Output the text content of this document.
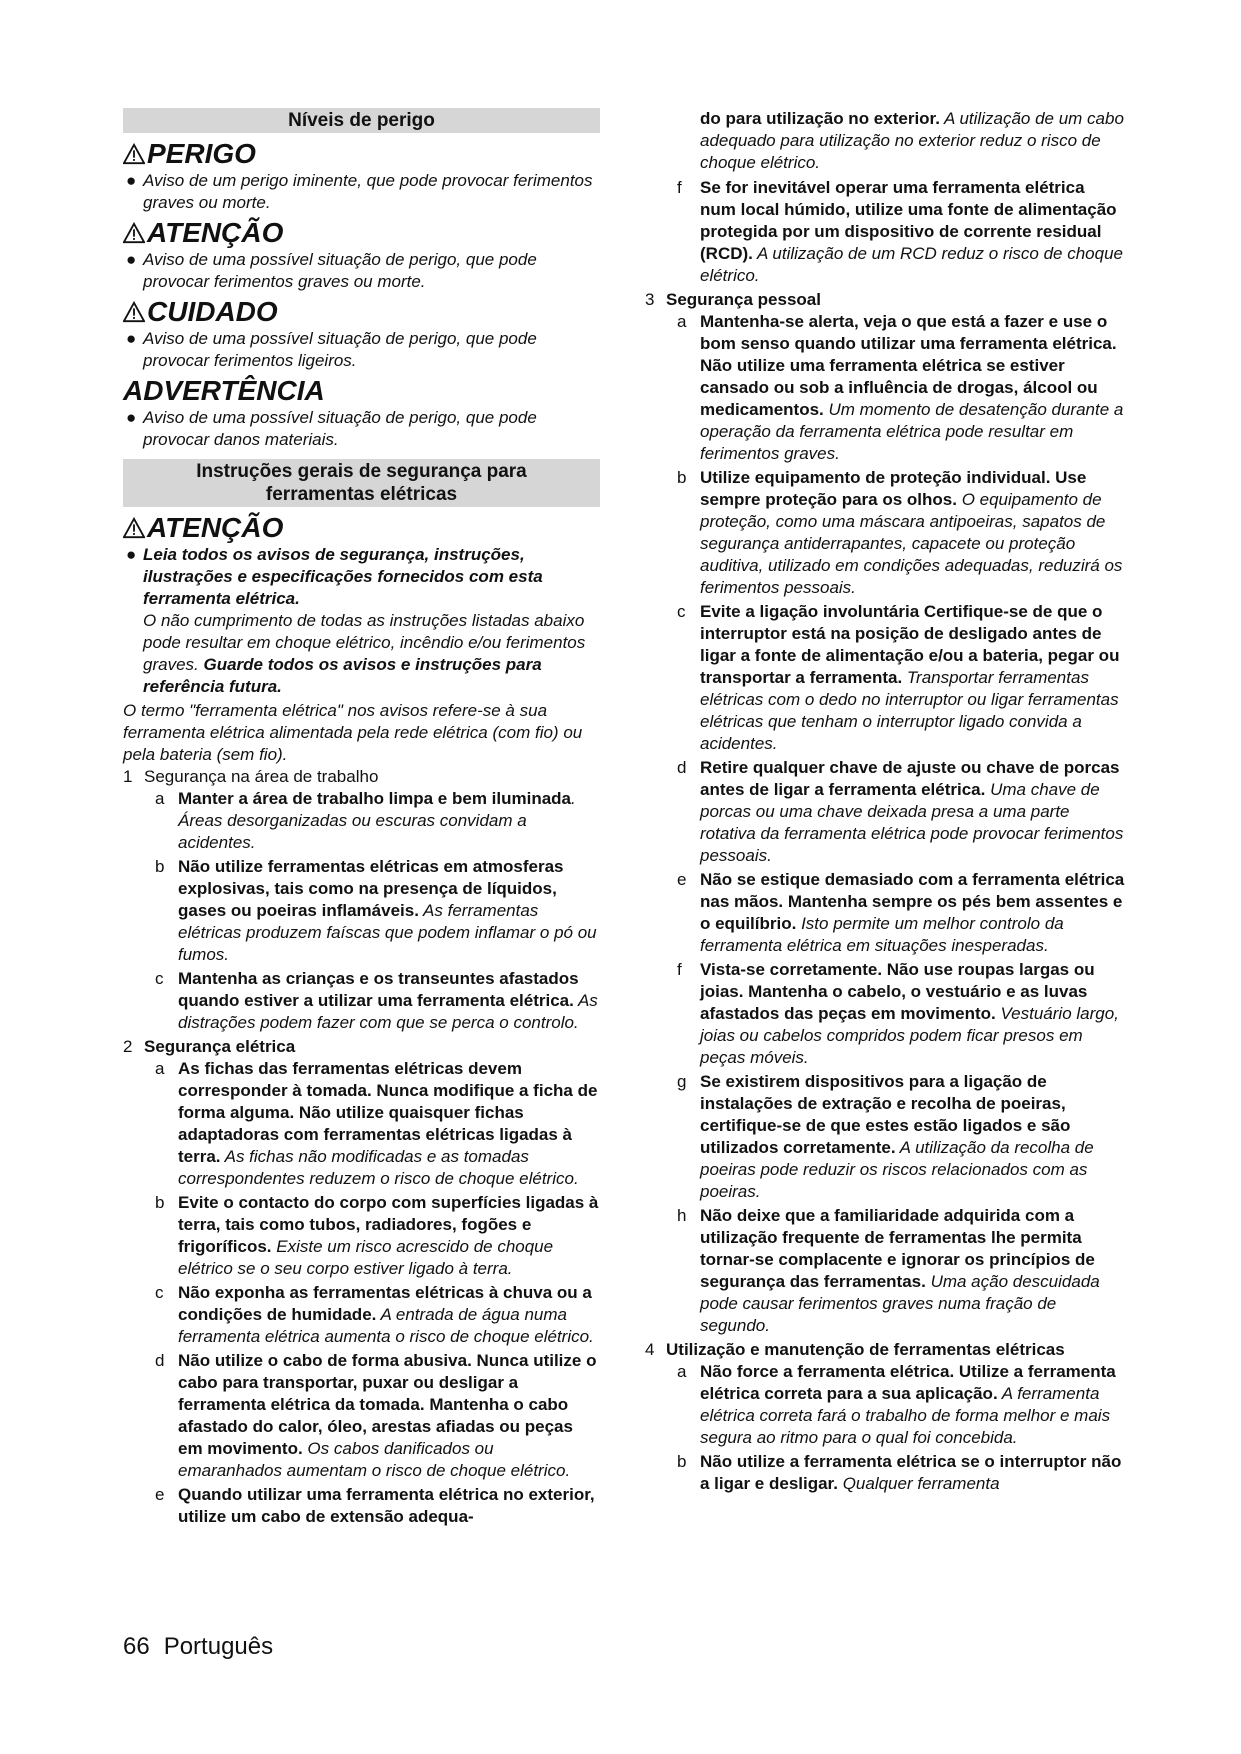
Níveis de perigo
PERIGO
● Aviso de um perigo iminente, que pode provocar ferimentos graves ou morte.
ATENÇÃO
● Aviso de uma possível situação de perigo, que pode provocar ferimentos graves ou morte.
CUIDADO
● Aviso de uma possível situação de perigo, que pode provocar ferimentos ligeiros.
ADVERTÊNCIA
● Aviso de uma possível situação de perigo, que pode provocar danos materiais.
Instruções gerais de segurança para ferramentas elétricas
ATENÇÃO
● Leia todos os avisos de segurança, instruções, ilustrações e especificações fornecidos com esta ferramenta elétrica.
O não cumprimento de todas as instruções listadas abaixo pode resultar em choque elétrico, incêndio e/ou ferimentos graves. Guarde todos os avisos e instruções para referência futura.
O termo "ferramenta elétrica" nos avisos refere-se à sua ferramenta elétrica alimentada pela rede elétrica (com fio) ou pela bateria (sem fio).
1 Segurança na área de trabalho
a Manter a área de trabalho limpa e bem iluminada. Áreas desorganizadas ou escuras convidam a acidentes.
b Não utilize ferramentas elétricas em atmosferas explosivas, tais como na presença de líquidos, gases ou poeiras inflamáveis. As ferramentas elétricas produzem faíscas que podem inflamar o pó ou fumos.
c Mantenha as crianças e os transeuntes afastados quando estiver a utilizar uma ferramenta elétrica. As distrações podem fazer com que se perca o controlo.
2 Segurança elétrica
a As fichas das ferramentas elétricas devem corresponder à tomada. Nunca modifique a ficha de forma alguma. Não utilize quaisquer fichas adaptadoras com ferramentas elétricas ligadas à terra. As fichas não modificadas e as tomadas correspondentes reduzem o risco de choque elétrico.
b Evite o contacto do corpo com superfícies ligadas à terra, tais como tubos, radiadores, fogões e frigoríficos. Existe um risco acrescido de choque elétrico se o seu corpo estiver ligado à terra.
c Não exponha as ferramentas elétricas à chuva ou a condições de humidade. A entrada de água numa ferramenta elétrica aumenta o risco de choque elétrico.
d Não utilize o cabo de forma abusiva. Nunca utilize o cabo para transportar, puxar ou desligar a ferramenta elétrica da tomada. Mantenha o cabo afastado do calor, óleo, arestas afiadas ou peças em movimento. Os cabos danificados ou emaranhados aumentam o risco de choque elétrico.
e Quando utilizar uma ferramenta elétrica no exterior, utilize um cabo de extensão adequa-
do para utilização no exterior. A utilização de um cabo adequado para utilização no exterior reduz o risco de choque elétrico.
f Se for inevitável operar uma ferramenta elétrica num local húmido, utilize uma fonte de alimentação protegida por um dispositivo de corrente residual (RCD). A utilização de um RCD reduz o risco de choque elétrico.
3 Segurança pessoal
a Mantenha-se alerta, veja o que está a fazer e use o bom senso quando utilizar uma ferramenta elétrica. Não utilize uma ferramenta elétrica se estiver cansado ou sob a influência de drogas, álcool ou medicamentos. Um momento de desatenção durante a operação da ferramenta elétrica pode resultar em ferimentos graves.
b Utilize equipamento de proteção individual. Use sempre proteção para os olhos. O equipamento de proteção, como uma máscara antipoeiras, sapatos de segurança antiderrapantes, capacete ou proteção auditiva, utilizado em condições adequadas, reduzirá os ferimentos pessoais.
c Evite a ligação involuntária Certifique-se de que o interruptor está na posição de desligado antes de ligar a fonte de alimentação e/ou a bateria, pegar ou transportar a ferramenta. Transportar ferramentas elétricas com o dedo no interruptor ou ligar ferramentas elétricas que tenham o interruptor ligado convida a acidentes.
d Retire qualquer chave de ajuste ou chave de porcas antes de ligar a ferramenta elétrica. Uma chave de porcas ou uma chave deixada presa a uma parte rotativa da ferramenta elétrica pode provocar ferimentos pessoais.
e Não se estique demasiado com a ferramenta elétrica nas mãos. Mantenha sempre os pés bem assentes e o equilíbrio. Isto permite um melhor controlo da ferramenta elétrica em situações inesperadas.
f Vista-se corretamente. Não use roupas largas ou joias. Mantenha o cabelo, o vestuário e as luvas afastados das peças em movimento. Vestuário largo, joias ou cabelos compridos podem ficar presos em peças móveis.
g Se existirem dispositivos para a ligação de instalações de extração e recolha de poeiras, certifique-se de que estes estão ligados e são utilizados corretamente. A utilização da recolha de poeiras pode reduzir os riscos relacionados com as poeiras.
h Não deixe que a familiaridade adquirida com a utilização frequente de ferramentas lhe permita tornar-se complacente e ignorar os princípios de segurança das ferramentas. Uma ação descuidada pode causar ferimentos graves numa fração de segundo.
4 Utilização e manutenção de ferramentas elétricas
a Não force a ferramenta elétrica. Utilize a ferramenta elétrica correta para a sua aplicação. A ferramenta elétrica correta fará o trabalho de forma melhor e mais segura ao ritmo para o qual foi concebida.
b Não utilize a ferramenta elétrica se o interruptor não a ligar e desligar. Qualquer ferramenta
66 Português
